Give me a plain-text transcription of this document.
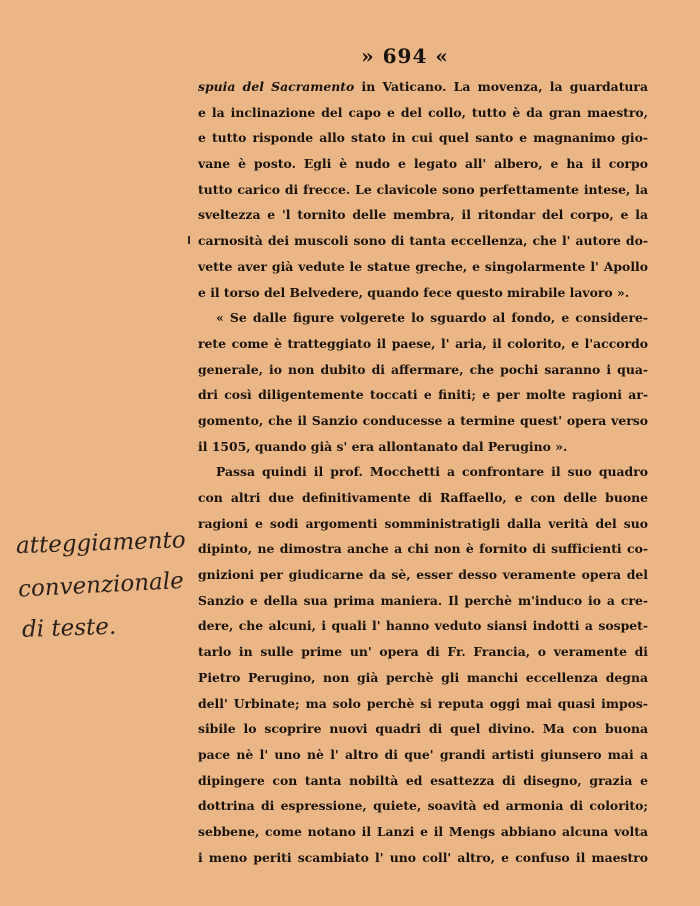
» 694 «
spuia del Sacramento in Vaticano. La movenza, la guardatura
e la inclinazione del capo e del collo, tutto è da gran maestro,
e tutto risponde allo stato in cui quel santo e magnanimo gio-
vane è posto. Egli è nudo e legato all' albero, e ha il corpo
tutto carico di frecce. Le clavicole sono perfettamente intese, la
sveltezza e 'l tornito delle membra, il ritondar del corpo, e la
carnosità dei muscoli sono di tanta eccellenza, che l' autore do-
vette aver già vedute le statue greche, e singolarmente l' Apollo
e il torso del Belvedere, quando fece questo mirabile lavoro ».
« Se dalle figure volgerete lo sguardo al fondo, e considere-
rete come è tratteggiato il paese, l' aria, il colorito, e l'accordo
generale, io non dubito di affermare, che pochi saranno i qua-
dri così diligentemente toccati e finiti; e per molte ragioni ar-
gomento, che il Sanzio conducesse a termine quest' opera verso
il 1505, quando già s' era allontanato dal Perugino ».
Passa quindi il prof. Mocchetti a confrontare il suo quadro
con altri due definitivamente di Raffaello, e con delle buone
ragioni e sodi argomenti somministratigli dalla verità del suo
dipinto, ne dimostra anche a chi non è fornito di sufficienti co-
gnizioni per giudicarne da sè, esser desso veramente opera del
Sanzio e della sua prima maniera. Il perchè m'induco io a cre-
dere, che alcuni, i quali l' hanno veduto siansi indotti a sospet-
tarlo in sulle prime un' opera di Fr. Francia, o veramente di
Pietro Perugino, non già perchè gli manchi eccellenza degna
dell' Urbinate; ma solo perchè si reputa oggi mai quasi impos-
sibile lo scoprire nuovi quadri di quel divino. Ma con buona
pace nè l' uno nè l' altro di que' grandi artisti giunsero mai a
dipingere con tanta nobiltà ed esattezza di disegno, grazia e
dottrina di espressione, quiete, soavità ed armonia di colorito;
sebbene, come notano il Lanzi e il Mengs abbiano alcuna volta
i meno periti scambiato l' uno coll' altro, e confuso il maestro
atteggiamento
convenzionale
di teste.
